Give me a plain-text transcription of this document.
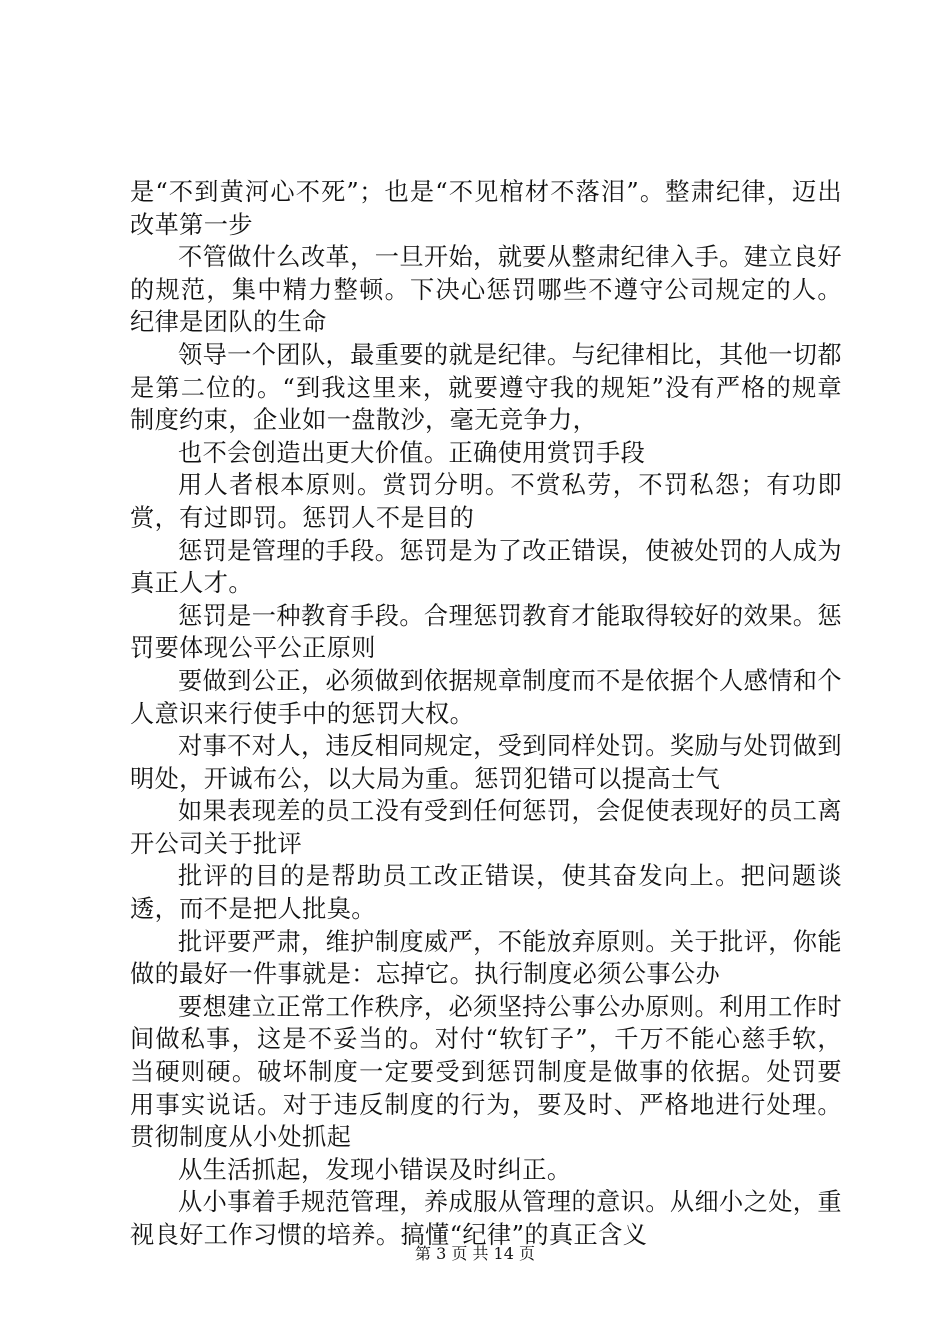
是“不到黄河心不死”；也是“不见棺材不落泪”。整肃纪律，迈出改革第一步

不管做什么改革，一旦开始，就要从整肃纪律入手。建立良好的规范，集中精力整顿。下决心惩罚哪些不遵守公司规定的人。纪律是团队的生命

领导一个团队，最重要的就是纪律。与纪律相比，其他一切都是第二位的。“到我这里来，就要遵守我的规矩”没有严格的规章制度约束，企业如一盘散沙，毫无竞争力，

也不会创造出更大价值。正确使用赏罚手段

用人者根本原则。赏罚分明。不赏私劳，不罚私怨；有功即赏，有过即罚。惩罚人不是目的

惩罚是管理的手段。惩罚是为了改正错误，使被处罚的人成为真正人才。

惩罚是一种教育手段。合理惩罚教育才能取得较好的效果。惩罚要体现公平公正原则

要做到公正，必须做到依据规章制度而不是依据个人感情和个人意识来行使手中的惩罚大权。

对事不对人，违反相同规定，受到同样处罚。奖励与处罚做到明处，开诚布公，以大局为重。惩罚犯错可以提高士气

如果表现差的员工没有受到任何惩罚，会促使表现好的员工离开公司关于批评

批评的目的是帮助员工改正错误，使其奋发向上。把问题谈透，而不是把人批臭。

批评要严肃，维护制度威严，不能放弃原则。关于批评，你能做的最好一件事就是：忘掉它。执行制度必须公事公办

要想建立正常工作秩序，必须坚持公事公办原则。利用工作时间做私事，这是不妥当的。对付“软钉子”，千万不能心慈手软，当硬则硬。破坏制度一定要受到惩罚制度是做事的依据。处罚要用事实说话。对于违反制度的行为，要及时、严格地进行处理。贯彻制度从小处抓起

从生活抓起，发现小错误及时纠正。

从小事着手规范管理，养成服从管理的意识。从细小之处，重视良好工作习惯的培养。搞懂“纪律”的真正含义

第 3 页 共 14 页
